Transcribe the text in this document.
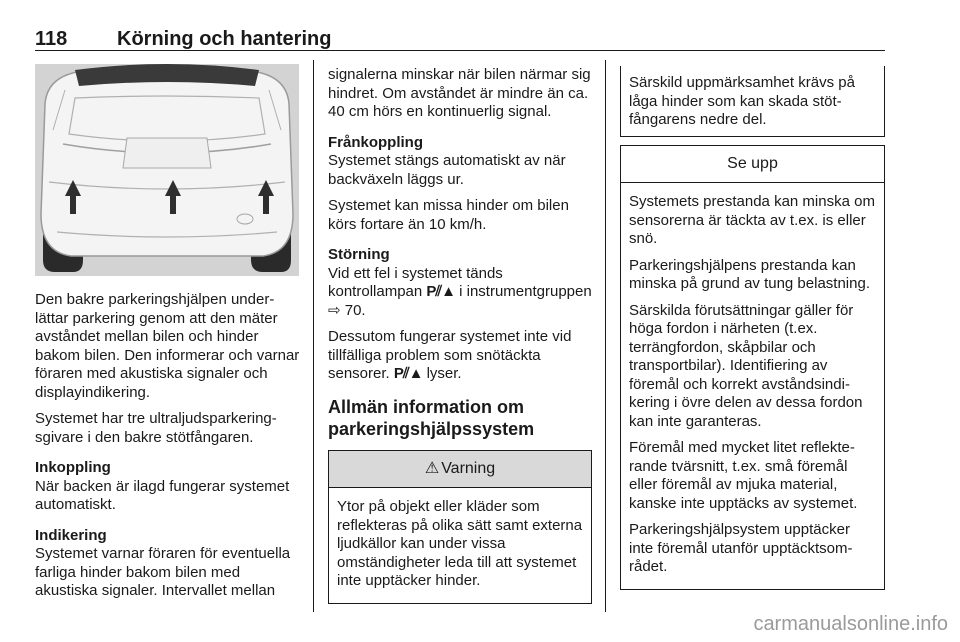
118 Körning och hantering

Den bakre parkeringshjälpen underlättar parkering genom att den mäter avståndet mellan bilen och hinder bakom bilen. Den informerar och varnar föraren med akustiska signaler och displayindikering.

Systemet har tre ultraljudsparkeringsgivare i den bakre stötfångaren.

Inkoppling

När backen är ilagd fungerar systemet automatiskt.

Indikering

Systemet varnar föraren för eventuella farliga hinder bakom bilen med akustiska signaler. Intervallet mellan

signalerna minskar när bilen närmar sig hindret. Om avståndet är mindre än ca. 40 cm hörs en kontinuerlig signal.

Frånkoppling

Systemet stängs automatiskt av när backväxeln läggs ur.

Systemet kan missa hinder om bilen körs fortare än 10 km/h.

Störning

Vid ett fel i systemet tänds kontrollampan P⫽▲ i instrumentgruppen ⇨ 70.

Dessutom fungerar systemet inte vid tillfälliga problem som snötäckta sensorer. P⫽▲ lyser.

Allmän information om parkeringshjälpssystem
⚠ Varning

Ytor på objekt eller kläder som reflekteras på olika sätt samt externa ljudkällor kan under vissa omständigheter leda till att systemet inte upptäcker hinder.

Särskild uppmärksamhet krävs på låga hinder som kan skada stötfångarens nedre del.

Se upp

Systemets prestanda kan minska om sensorerna är täckta av t.ex. is eller snö.

Parkeringshjälpens prestanda kan minska på grund av tung belastning.

Särskilda förutsättningar gäller för höga fordon i närheten (t.ex. terrängfordon, skåpbilar och transportbilar). Identifiering av föremål och korrekt avståndsindikering i övre delen av dessa fordon kan inte garanteras.

Föremål med mycket litet reflekterande tvärsnitt, t.ex. små föremål eller föremål av mjuka material, kanske inte upptäcks av systemet.

Parkeringshjälpsystem upptäcker inte föremål utanför upptäcktsområdet.

carmanualsonline.info
